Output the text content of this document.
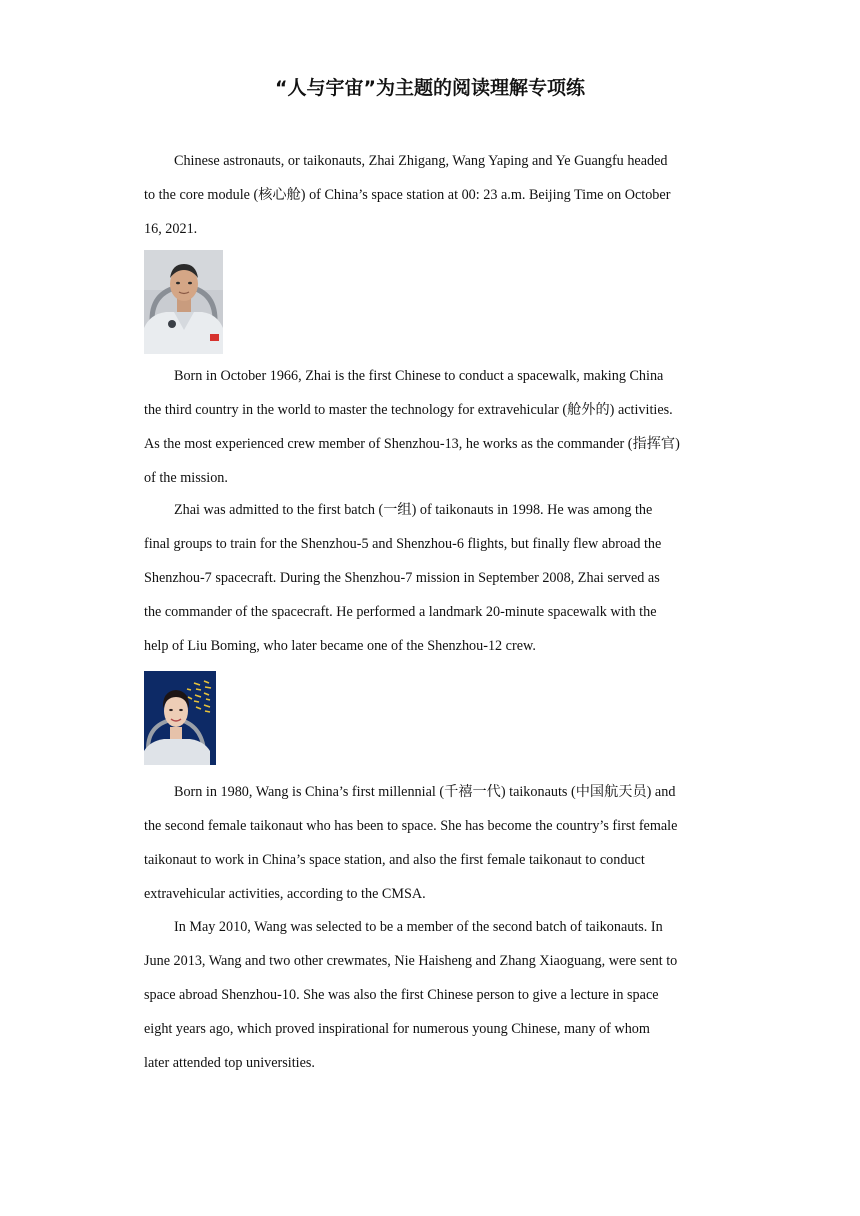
“人与宇宙”为主题的阅读理解专项练
Chinese astronauts, or taikonauts, Zhai Zhigang, Wang Yaping and Ye Guangfu headed
to the core module (核心舱) of China’s space station at 00: 23 a.m. Beijing Time on October
16, 2021.
Born in October 1966, Zhai is the first Chinese to conduct a spacewalk, making China
the third country in the world to master the technology for extravehicular (舱外的) activities.
As the most experienced crew member of Shenzhou-13, he works as the commander (指挥官)
of the mission.
Zhai was admitted to the first batch (一组) of taikonauts in 1998. He was among the
final groups to train for the Shenzhou-5 and Shenzhou-6 flights, but finally flew abroad the
Shenzhou-7 spacecraft. During the Shenzhou-7 mission in September 2008, Zhai served as
the commander of the spacecraft. He performed a landmark 20-minute spacewalk with the
help of Liu Boming, who later became one of the Shenzhou-12 crew.
Born in 1980, Wang is China’s first millennial (千禧一代) taikonauts (中国航天员) and
the second female taikonaut who has been to space. She has become the country’s first female
taikonaut to work in China’s space station, and also the first female taikonaut to conduct
extravehicular activities, according to the CMSA.
In May 2010, Wang was selected to be a member of the second batch of taikonauts. In
June 2013, Wang and two other crewmates, Nie Haisheng and Zhang Xiaoguang, were sent to
space abroad Shenzhou-10. She was also the first Chinese person to give a lecture in space
eight years ago, which proved inspirational for numerous young Chinese, many of whom
later attended top universities.
